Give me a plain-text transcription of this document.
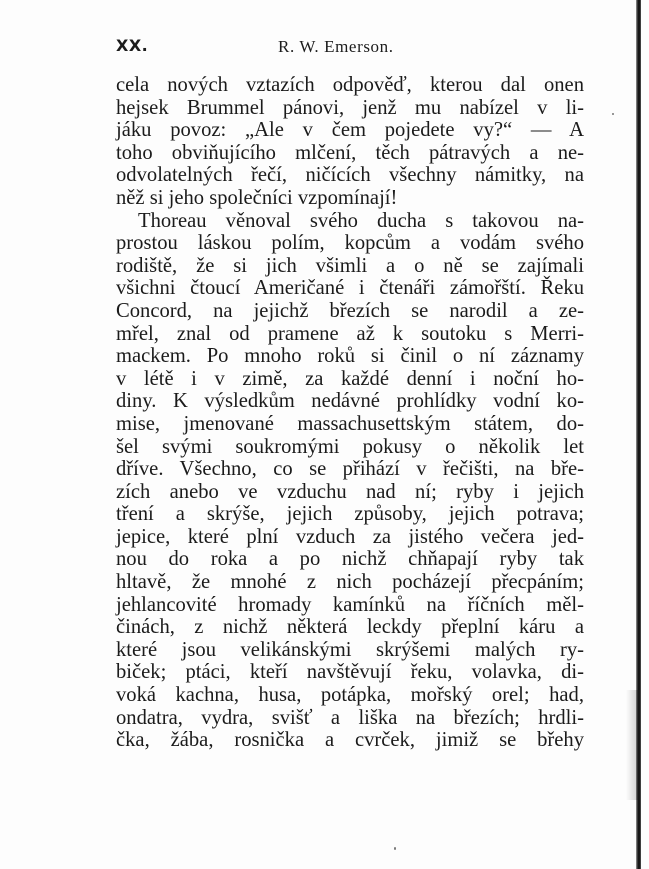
XX.	R. W. Emerson.
cela nových vztazích odpověď, kterou dal onen
hejsek Brummel pánovi, jenž mu nabízel v li-
jáku povoz: „Ale v čem pojedete vy?“ — A
toho obviňujícího mlčení, těch pátravých a ne-
odvolatelných řečí, ničících všechny námitky, na
něž si jeho společníci vzpomínají!
Thoreau věnoval svého ducha s takovou na-
prostou láskou polím, kopcům a vodám svého
rodiště, že si jich všimli a o ně se zajímali
všichni čtoucí Američané i čtenáři zámořští. Řeku
Concord, na jejichž březích se narodil a ze-
mřel, znal od pramene až k soutoku s Merri-
mackem. Po mnoho roků si činil o ní záznamy
v létě i v zimě, za každé denní i noční ho-
diny. K výsledkům nedávné prohlídky vodní ko-
mise, jmenované massachusettským státem, do-
šel svými soukromými pokusy o několik let
dříve. Všechno, co se přihází v řečišti, na bře-
zích anebo ve vzduchu nad ní; ryby i jejich
tření a skrýše, jejich způsoby, jejich potrava;
jepice, které plní vzduch za jistého večera jed-
nou do roka a po nichž chňapají ryby tak
hltavě, že mnohé z nich pocházejí přecpáním;
jehlancovité hromady kamínků na říčních měl-
činách, z nichž některá leckdy přeplní káru a
které jsou velikánskými skrýšemi malých ry-
biček; ptáci, kteří navštěvují řeku, volavka, di-
voká kachna, husa, potápka, mořský orel; had,
ondatra, vydra, svišť a liška na březích; hrdli-
čka, žába, rosnička a cvrček, jimiž se břehy
